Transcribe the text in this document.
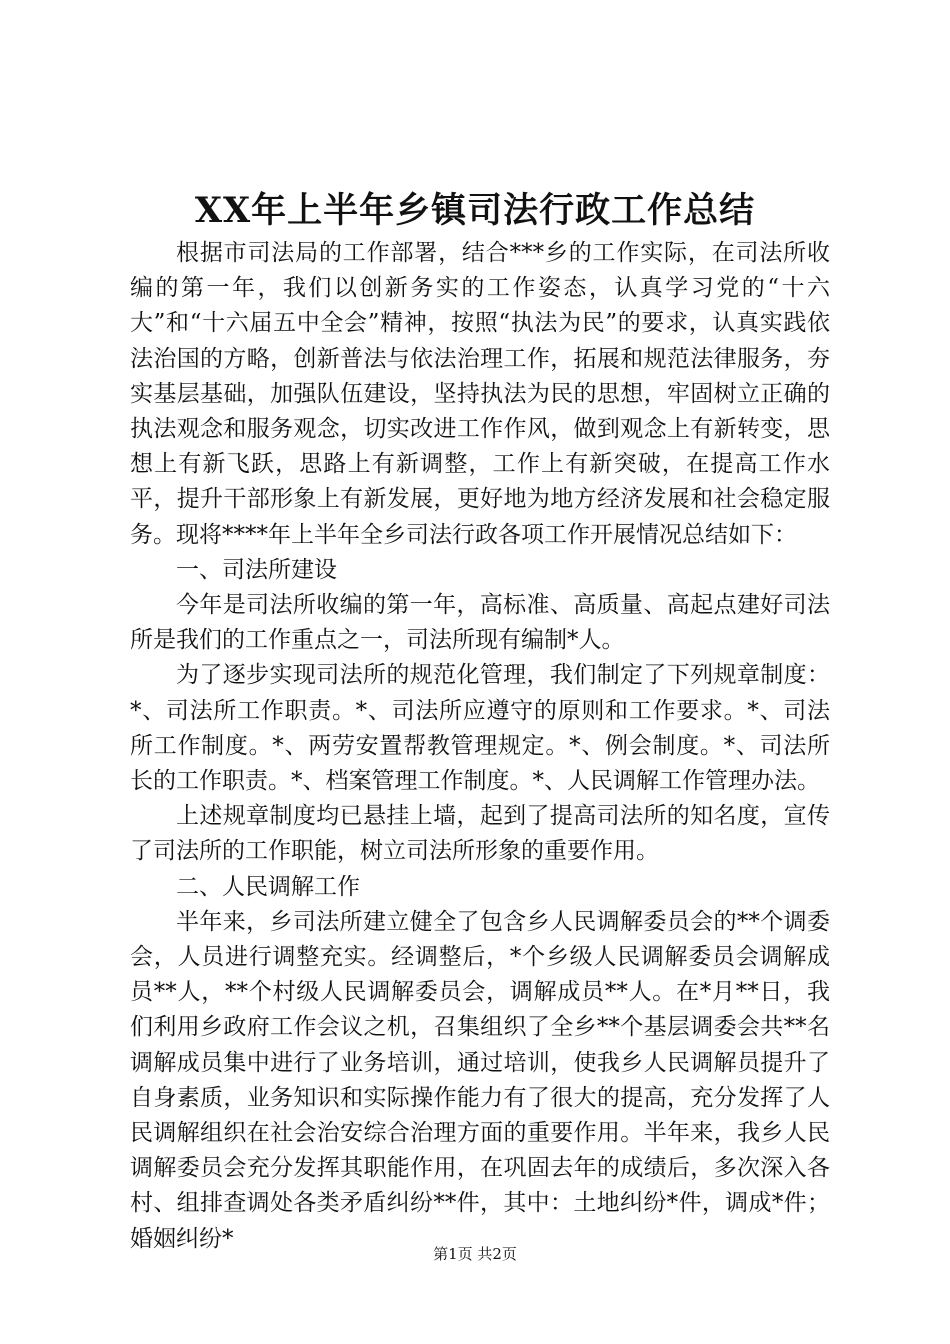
XX年上半年乡镇司法行政工作总结

根据市司法局的工作部署，结合***乡的工作实际，在司法所收编的第一年，我们以创新务实的工作姿态，认真学习党的“十六大”和“十六届五中全会”精神，按照“执法为民”的要求，认真实践依法治国的方略，创新普法与依法治理工作，拓展和规范法律服务，夯实基层基础，加强队伍建设，坚持执法为民的思想，牢固树立正确的执法观念和服务观念，切实改进工作作风，做到观念上有新转变，思想上有新飞跃，思路上有新调整，工作上有新突破，在提高工作水平，提升干部形象上有新发展，更好地为地方经济发展和社会稳定服务。现将****年上半年全乡司法行政各项工作开展情况总结如下：

一、司法所建设

今年是司法所收编的第一年，高标准、高质量、高起点建好司法所是我们的工作重点之一，司法所现有编制*人。

为了逐步实现司法所的规范化管理，我们制定了下列规章制度：*、司法所工作职责。*、司法所应遵守的原则和工作要求。*、司法所工作制度。*、两劳安置帮教管理规定。*、例会制度。*、司法所长的工作职责。*、档案管理工作制度。*、人民调解工作管理办法。

上述规章制度均已悬挂上墙，起到了提高司法所的知名度，宣传了司法所的工作职能，树立司法所形象的重要作用。

二、人民调解工作

半年来，乡司法所建立健全了包含乡人民调解委员会的**个调委会，人员进行调整充实。经调整后，*个乡级人民调解委员会调解成员**人，**个村级人民调解委员会，调解成员**人。在*月**日，我们利用乡政府工作会议之机，召集组织了全乡**个基层调委会共**名调解成员集中进行了业务培训，通过培训，使我乡人民调解员提升了自身素质，业务知识和实际操作能力有了很大的提高，充分发挥了人民调解组织在社会治安综合治理方面的重要作用。半年来，我乡人民调解委员会充分发挥其职能作用，在巩固去年的成绩后，多次深入各村、组排查调处各类矛盾纠纷**件，其中：土地纠纷*件，调成*件；婚姻纠纷*

第1页 共2页
